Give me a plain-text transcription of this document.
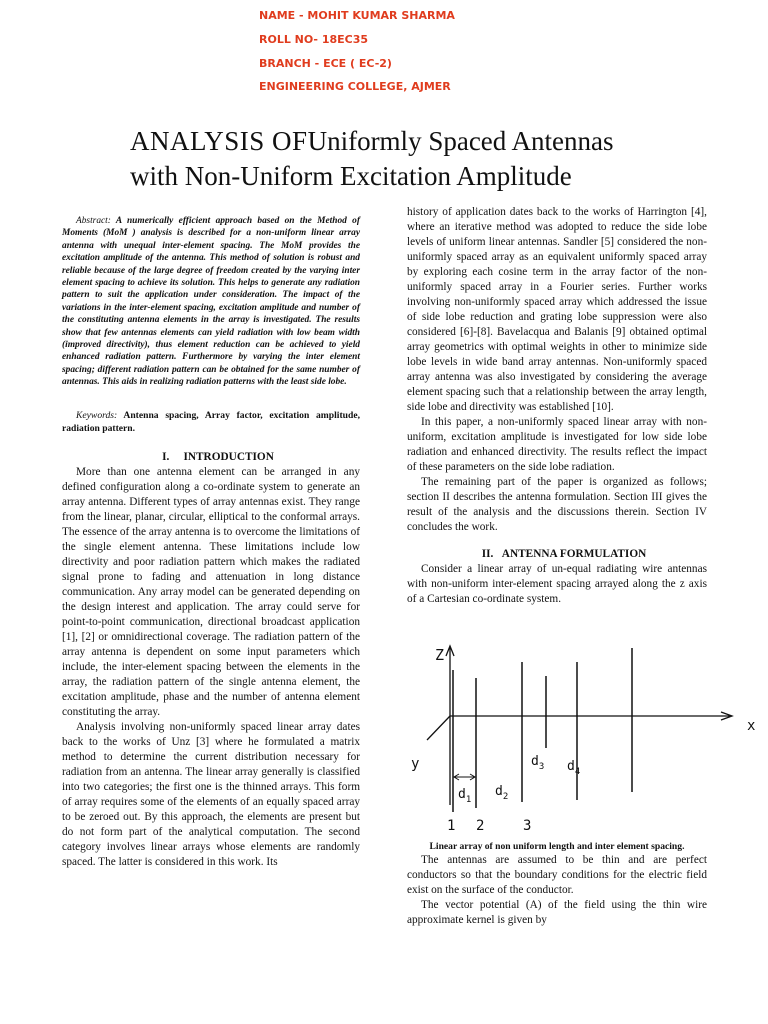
NAME - MOHIT KUMAR SHARMA
ROLL NO- 18EC35
BRANCH - ECE ( EC-2)
ENGINEERING COLLEGE, AJMER
ANALYSIS OFUniformly Spaced Antennas
with Non-Uniform Excitation Amplitude

Abstract: A numerically efficient approach based on the Method of Moments (MoM ) analysis is described for a non-uniform linear array antenna with unequal inter-element spacing. The MoM provides the excitation amplitude of the antenna. This method of solution is robust and reliable because of the large degree of freedom created by the varying inter element spacing to achieve its solution. This helps to generate any radiation pattern to suit the application under consideration. The impact of the variations in the inter-element spacing, excitation amplitude and number of the constituting antenna elements in the array is investigated. The results show that few antennas elements can yield radiation with low beam width (improved directivity), thus element reduction can be achieved to yield enhanced radiation pattern. Furthermore by varying the inter element spacing; different radiation pattern can be obtained for the same number of antennas. This aids in realizing radiation patterns with the least side lobe.

Keywords: Antenna spacing, Array factor, excitation amplitude, radiation pattern.

I.     INTRODUCTION

More than one antenna element can be arranged in any defined configuration along a co-ordinate system to generate an array antenna. Different types of array antennas exist. They range from the linear, planar, circular, elliptical to the conformal arrays. The essence of the array antenna is to overcome the limitations of the single element antenna. These limitations include low directivity and poor radiation pattern which makes the radiated signal prone to fading and attenuation in long distance communication. Any array model can be generated depending on the design interest and application. The array could serve for point-to-point communication, directional broadcast application [1], [2] or omnidirectional coverage. The radiation pattern of the array antenna is dependent on some input parameters which include, the inter-element spacing between the elements in the array, the radiation pattern of the single antenna element, the excitation amplitude, phase and the number of antenna element constituting the array.

Analysis involving non-uniformly spaced linear array dates back to the works of Unz [3] where he formulated a matrix method to determine the current distribution necessary for radiation from an antenna. The linear array generally is classified into two categories; the first one is the thinned arrays. This form of array requires some of the elements of an equally spaced array to be zeroed out. By this approach, the elements are present but do not form part of the analytical computation. The second category involves linear arrays whose elements are randomly spaced. The latter is considered in this work. Its

history of application dates back to the works of Harrington [4], where an iterative method was adopted to reduce the side lobe levels of uniform linear antennas. Sandler [5] considered the non-uniformly spaced array as an equivalent uniformly spaced array by exploring each cosine term in the array factor of the non-uniformly spaced array in a Fourier series. Further works involving non-uniformly spaced array which addressed the issue of side lobe reduction and grating lobe suppression were also considered [6]-[8]. Bavelacqua and Balanis [9] obtained optimal array geometrics with optimal weights in other to minimize side lobe levels in wide band array antennas. Non-uniformly spaced array antenna was also investigated by considering the average element spacing such that a relationship between the array length, side lobe and directivity was established [10].

In this paper, a non-uniformly spaced linear array with non-uniform, excitation amplitude is investigated for low side lobe radiation and enhanced directivity. The results reflect the impact of these parameters on the side lobe radiation.

The remaining part of the paper is organized as follows; section II describes the antenna formulation. Section III gives the result of the analysis and the discussions therein. Section IV concludes the work.

II.   ANTENNA FORMULATION

Consider a linear array of un-equal radiating wire antennas with non-uniform inter-element spacing arrayed along the z axis of a Cartesian co-ordinate system.

Z
x
y
$d_1$
$d_2$
$d_3$ $d_4$
1 2	3

Linear array of non uniform length and inter element spacing.

The antennas are assumed to be thin and are perfect conductors so that the boundary conditions for the electric field exist on the surface of the conductor.

The vector potential (A) of the field using the thin wire approximate kernel is given by
